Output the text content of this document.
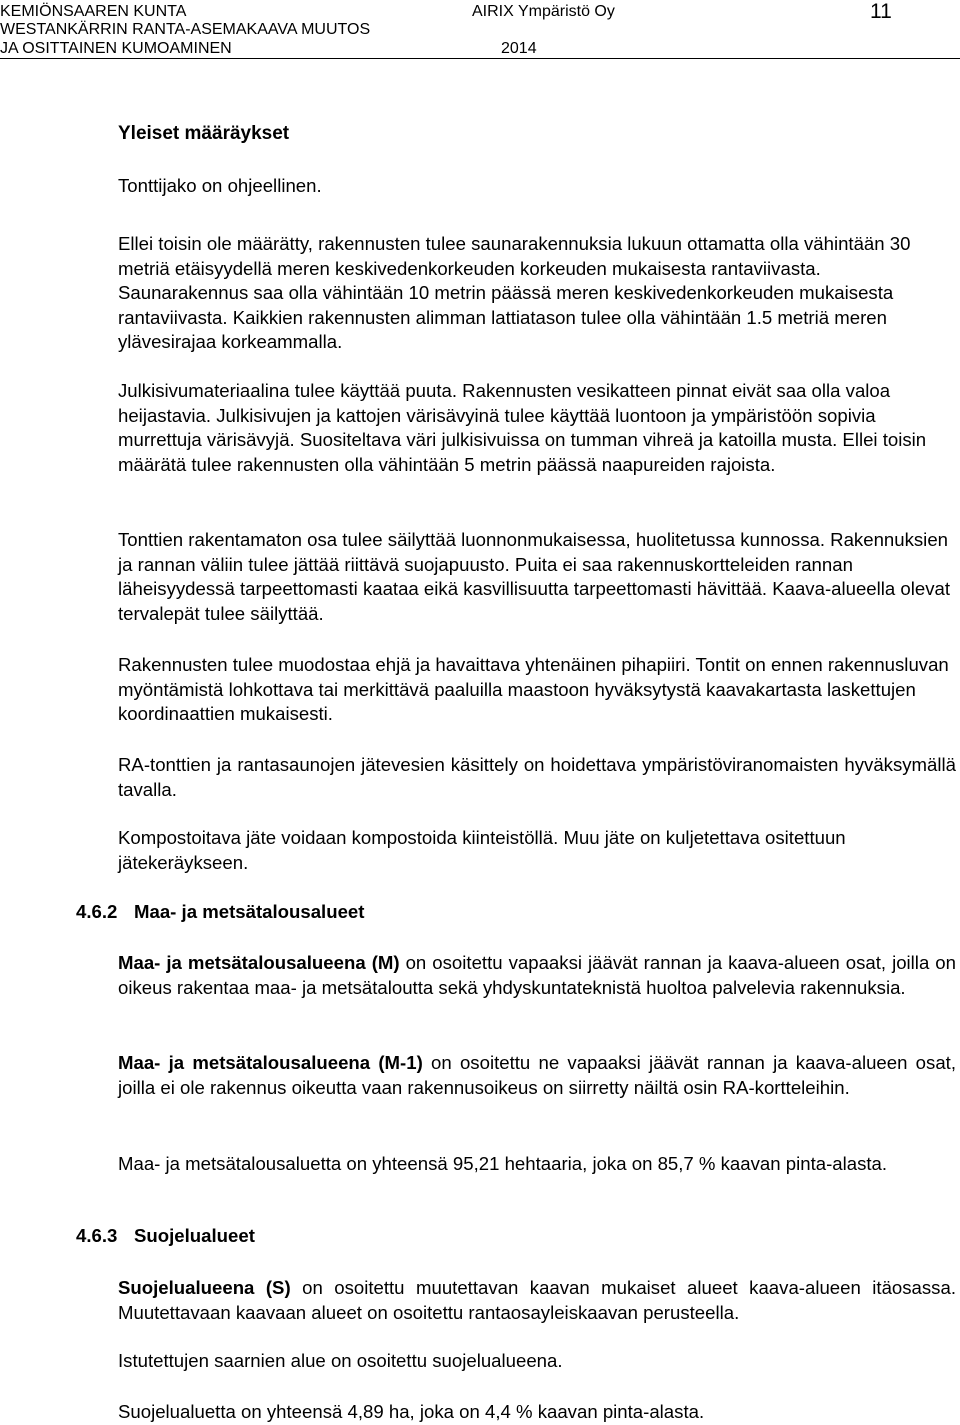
KEMIÖNSAAREN KUNTA	AIRIX Ympäristö Oy	11
WESTANKÄRRIN RANTA-ASEMAKAAVA MUUTOS
JA OSITTAINEN KUMOAMINEN	2014
Yleiset määräykset
Tonttijako on ohjeellinen.

Ellei toisin ole määrätty, rakennusten tulee saunarakennuksia lukuun ottamatta olla vähintään 30 metriä etäisyydellä meren keskivedenkorkeuden korkeuden mukaisesta rantaviivasta. Saunarakennus saa olla vähintään 10 metrin päässä meren keskivedenkorkeuden mukaisesta rantaviivasta. Kaikkien rakennusten alimman lattiatason tulee olla vähintään 1.5 metriä meren ylävesirajaa korkeammalla.

Julkisivumateriaalina tulee käyttää puuta. Rakennusten vesikatteen pinnat eivät saa olla valoa heijastavia. Julkisivujen ja kattojen värisävyinä tulee käyttää luontoon ja ympäristöön sopivia murrettuja värisävyjä. Suositeltava väri julkisivuissa on tumman vihreä ja katoilla musta. Ellei toisin määrätä tulee rakennusten olla vähintään 5 metrin päässä naapureiden rajoista.

Tonttien rakentamaton osa tulee säilyttää luonnonmukaisessa, huolitetussa kunnossa. Rakennuksien ja rannan väliin tulee jättää riittävä suojapuusto. Puita ei saa rakennuskortteleiden rannan läheisyydessä tarpeettomasti kaataa eikä kasvillisuutta tarpeettomasti hävittää. Kaava-alueella olevat tervalepät tulee säilyttää.

Rakennusten tulee muodostaa ehjä ja havaittava yhtenäinen pihapiiri. Tontit on ennen rakennusluvan myöntämistä lohkottava tai merkittävä paaluilla maastoon hyväksytystä kaavakartasta laskettujen koordinaattien mukaisesti.

RA-tonttien ja rantasaunojen jätevesien käsittely on hoidettava ympäristöviranomaisten hyväksymällä tavalla.

Kompostoitava jäte voidaan kompostoida kiinteistöllä. Muu jäte on kuljetettava ositettuun jätekeräykseen.

4.6.2 Maa- ja metsätalousalueet

Maa- ja metsätalousalueena (M) on osoitettu vapaaksi jäävät rannan ja kaava-alueen osat, joilla on oikeus rakentaa maa- ja metsätaloutta sekä yhdyskuntateknistä huoltoa palvelevia rakennuksia.

Maa- ja metsätalousalueena (M-1) on osoitettu ne vapaaksi jäävät rannan ja kaava-alueen osat, joilla ei ole rakennus oikeutta vaan rakennusoikeus on siirretty näiltä osin RA-kortteleihin.

Maa- ja metsätalousaluetta on yhteensä 95,21 hehtaaria, joka on 85,7 % kaavan pinta-alasta.

4.6.3 Suojelualueet

Suojelualueena (S) on osoitettu muutettavan kaavan mukaiset alueet kaava-alueen itäosassa. Muutettavaan kaavaan alueet on osoitettu rantaosayleiskaavan perusteella.

Istutettujen saarnien alue on osoitettu suojelualueena.

Suojelualuetta on yhteensä 4,89 ha, joka on 4,4 % kaavan pinta-alasta.
